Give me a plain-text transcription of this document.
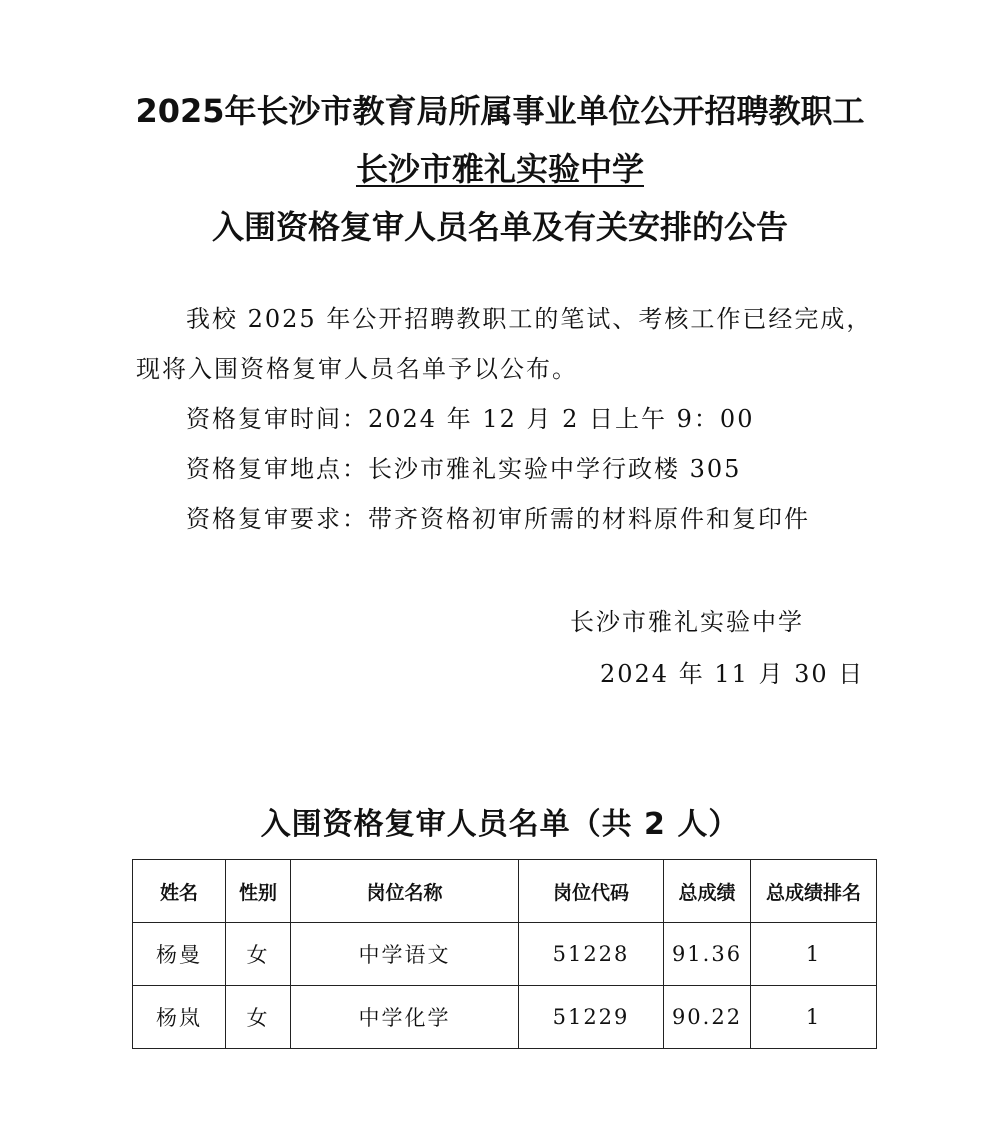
2025年长沙市教育局所属事业单位公开招聘教职工
长沙市雅礼实验中学
入围资格复审人员名单及有关安排的公告
我校 2025 年公开招聘教职工的笔试、考核工作已经完成，
现将入围资格复审人员名单予以公布。
资格复审时间：2024 年 12 月 2 日上午 9：00
资格复审地点：长沙市雅礼实验中学行政楼 305
资格复审要求：带齐资格初审所需的材料原件和复印件
长沙市雅礼实验中学
2024 年 11 月 30 日
入围资格复审人员名单（共 2 人）
姓名	性别	岗位名称	岗位代码	总成绩	总成绩排名
杨曼	女	中学语文	51228	91.36	1
杨岚	女	中学化学	51229	90.22	1
